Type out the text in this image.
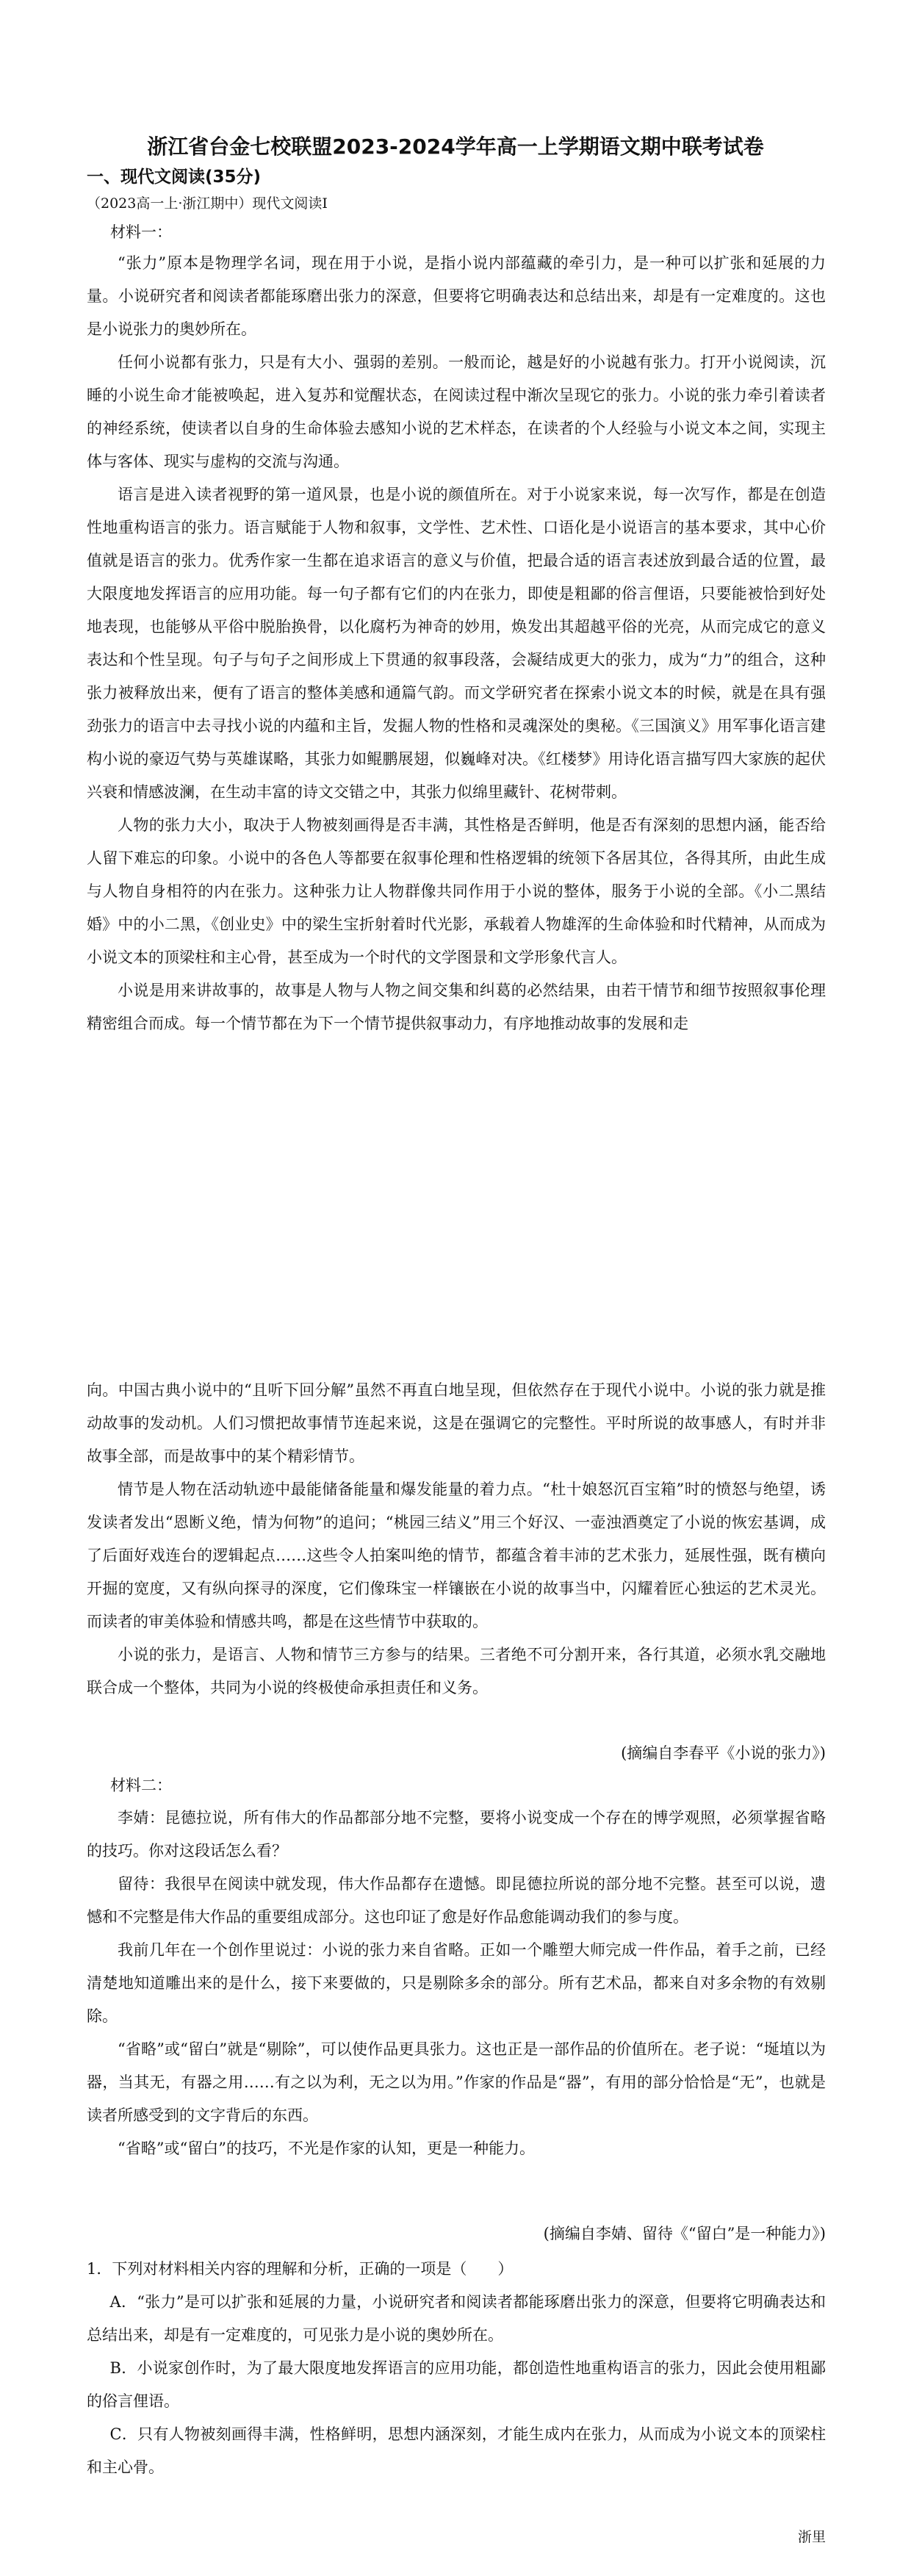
浙江省台金七校联盟2023-2024学年高一上学期语文期中联考试卷
一、现代文阅读(35分)
（2023高一上·浙江期中）现代文阅读Ⅰ
材料一：

“张力”原本是物理学名词，现在用于小说，是指小说内部蕴藏的牵引力，是一种可以扩张和延展的力量。小说研究者和阅读者都能琢磨出张力的深意，但要将它明确表达和总结出来，却是有一定难度的。这也是小说张力的奥妙所在。

任何小说都有张力，只是有大小、强弱的差别。一般而论，越是好的小说越有张力。打开小说阅读，沉睡的小说生命才能被唤起，进入复苏和觉醒状态，在阅读过程中渐次呈现它的张力。小说的张力牵引着读者的神经系统，使读者以自身的生命体验去感知小说的艺术样态，在读者的个人经验与小说文本之间，实现主体与客体、现实与虚构的交流与沟通。

语言是进入读者视野的第一道风景，也是小说的颜值所在。对于小说家来说，每一次写作，都是在创造性地重构语言的张力。语言赋能于人物和叙事，文学性、艺术性、口语化是小说语言的基本要求，其中心价值就是语言的张力。优秀作家一生都在追求语言的意义与价值，把最合适的语言表述放到最合适的位置，最大限度地发挥语言的应用功能。每一句子都有它们的内在张力，即使是粗鄙的俗言俚语，只要能被恰到好处地表现，也能够从平俗中脱胎换骨，以化腐朽为神奇的妙用，焕发出其超越平俗的光亮，从而完成它的意义表达和个性呈现。句子与句子之间形成上下贯通的叙事段落，会凝结成更大的张力，成为“力”的组合，这种张力被释放出来，便有了语言的整体美感和通篇气韵。而文学研究者在探索小说文本的时候，就是在具有强劲张力的语言中去寻找小说的内蕴和主旨，发掘人物的性格和灵魂深处的奥秘。《三国演义》用军事化语言建构小说的豪迈气势与英雄谋略，其张力如鲲鹏展翅，似巍峰对决。《红楼梦》用诗化语言描写四大家族的起伏兴衰和情感波澜，在生动丰富的诗文交错之中，其张力似绵里藏针、花树带刺。

人物的张力大小，取决于人物被刻画得是否丰满，其性格是否鲜明，他是否有深刻的思想内涵，能否给人留下难忘的印象。小说中的各色人等都要在叙事伦理和性格逻辑的统领下各居其位，各得其所，由此生成与人物自身相符的内在张力。这种张力让人物群像共同作用于小说的整体，服务于小说的全部。《小二黑结婚》中的小二黑，《创业史》中的梁生宝折射着时代光影，承载着人物雄浑的生命体验和时代精神，从而成为小说文本的顶梁柱和主心骨，甚至成为一个时代的文学图景和文学形象代言人。

小说是用来讲故事的，故事是人物与人物之间交集和纠葛的必然结果，由若干情节和细节按照叙事伦理精密组合而成。每一个情节都在为下一个情节提供叙事动力，有序地推动故事的发展和走

向。中国古典小说中的“且听下回分解”虽然不再直白地呈现，但依然存在于现代小说中。小说的张力就是推动故事的发动机。人们习惯把故事情节连起来说，这是在强调它的完整性。平时所说的故事感人，有时并非故事全部，而是故事中的某个精彩情节。

情节是人物在活动轨迹中最能储备能量和爆发能量的着力点。“杜十娘怒沉百宝箱”时的愤怒与绝望，诱发读者发出“恩断义绝，情为何物”的追问；“桃园三结义”用三个好汉、一壶浊酒奠定了小说的恢宏基调，成了后面好戏连台的逻辑起点……这些令人拍案叫绝的情节，都蕴含着丰沛的艺术张力，延展性强，既有横向开掘的宽度，又有纵向探寻的深度，它们像珠宝一样镶嵌在小说的故事当中，闪耀着匠心独运的艺术灵光。而读者的审美体验和情感共鸣，都是在这些情节中获取的。

小说的张力，是语言、人物和情节三方参与的结果。三者绝不可分割开来，各行其道，必须水乳交融地联合成一个整体，共同为小说的终极使命承担责任和义务。

(摘编自李春平《小说的张力》)
材料二：

李婧：昆德拉说，所有伟大的作品都部分地不完整，要将小说变成一个存在的博学观照，必须掌握省略的技巧。你对这段话怎么看？

留待：我很早在阅读中就发现，伟大作品都存在遗憾。即昆德拉所说的部分地不完整。甚至可以说，遗憾和不完整是伟大作品的重要组成部分。这也印证了愈是好作品愈能调动我们的参与度。

我前几年在一个创作里说过：小说的张力来自省略。正如一个雕塑大师完成一件作品，着手之前，已经清楚地知道雕出来的是什么，接下来要做的，只是剔除多余的部分。所有艺术品，都来自对多余物的有效剔除。

“省略”或“留白”就是“剔除”，可以使作品更具张力。这也正是一部作品的价值所在。老子说：“埏埴以为器，当其无，有器之用……有之以为利，无之以为用。”作家的作品是“器”，有用的部分恰恰是“无”，也就是读者所感受到的文字背后的东西。

“省略”或“留白”的技巧，不光是作家的认知，更是一种能力。

(摘编自李婧、留待《“留白”是一种能力》)

1．下列对材料相关内容的理解和分析，正确的一项是（　　）

A．“张力”是可以扩张和延展的力量，小说研究者和阅读者都能琢磨出张力的深意，但要将它明确表达和总结出来，却是有一定难度的，可见张力是小说的奥妙所在。

B．小说家创作时，为了最大限度地发挥语言的应用功能，都创造性地重构语言的张力，因此会使用粗鄙的俗言俚语。

C．只有人物被刻画得丰满，性格鲜明，思想内涵深刻，才能生成内在张力，从而成为小说文本的顶梁柱和主心骨。

浙里
